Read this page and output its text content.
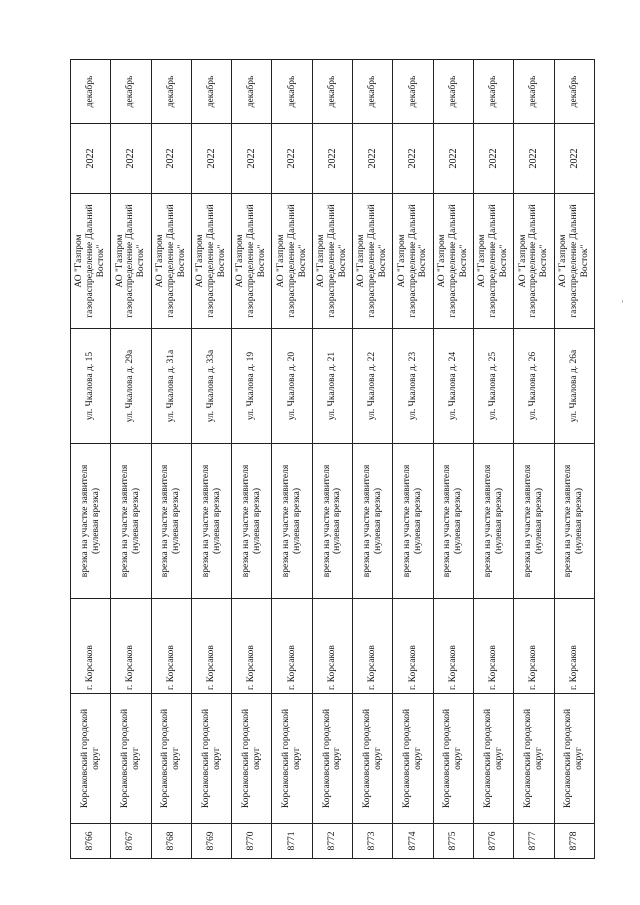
8766	Корсаковский городской округ	г. Корсаков	врезка на участке заявителя (нулевая врезка)	ул. Чкалова д. 15	АО "Газпром газораспределение Дальний Восток"	2022	декабрь
8767	Корсаковский городской округ	г. Корсаков	врезка на участке заявителя (нулевая врезка)	ул. Чкалова д. 29а	АО "Газпром газораспределение Дальний Восток"	2022	декабрь
8768	Корсаковский городской округ	г. Корсаков	врезка на участке заявителя (нулевая врезка)	ул. Чкалова д. 31а	АО "Газпром газораспределение Дальний Восток"	2022	декабрь
8769	Корсаковский городской округ	г. Корсаков	врезка на участке заявителя (нулевая врезка)	ул. Чкалова д. 33а	АО "Газпром газораспределение Дальний Восток"	2022	декабрь
8770	Корсаковский городской округ	г. Корсаков	врезка на участке заявителя (нулевая врезка)	ул. Чкалова д. 19	АО "Газпром газораспределение Дальний Восток"	2022	декабрь
8771	Корсаковский городской округ	г. Корсаков	врезка на участке заявителя (нулевая врезка)	ул. Чкалова д. 20	АО "Газпром газораспределение Дальний Восток"	2022	декабрь
8772	Корсаковский городской округ	г. Корсаков	врезка на участке заявителя (нулевая врезка)	ул. Чкалова д. 21	АО "Газпром газораспределение Дальний Восток"	2022	декабрь
8773	Корсаковский городской округ	г. Корсаков	врезка на участке заявителя (нулевая врезка)	ул. Чкалова д. 22	АО "Газпром газораспределение Дальний Восток"	2022	декабрь
8774	Корсаковский городской округ	г. Корсаков	врезка на участке заявителя (нулевая врезка)	ул. Чкалова д. 23	АО "Газпром газораспределение Дальний Восток"	2022	декабрь
8775	Корсаковский городской округ	г. Корсаков	врезка на участке заявителя (нулевая врезка)	ул. Чкалова д. 24	АО "Газпром газораспределение Дальний Восток"	2022	декабрь
8776	Корсаковский городской округ	г. Корсаков	врезка на участке заявителя (нулевая врезка)	ул. Чкалова д. 25	АО "Газпром газораспределение Дальний Восток"	2022	декабрь
8777	Корсаковский городской округ	г. Корсаков	врезка на участке заявителя (нулевая врезка)	ул. Чкалова д. 26	АО "Газпром газораспределение Дальний Восток"	2022	декабрь
8778	Корсаковский городской округ	г. Корсаков	врезка на участке заявителя (нулевая врезка)	ул. Чкалова д. 26а	АО "Газпром газораспределение Дальний Восток"	2022	декабрь
